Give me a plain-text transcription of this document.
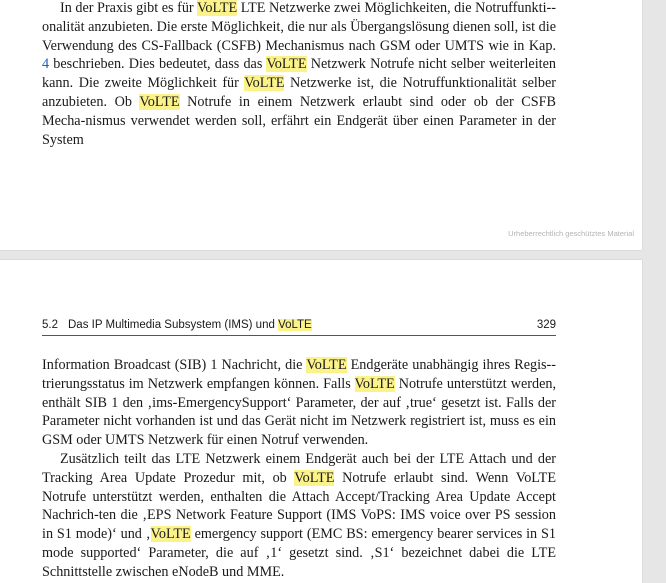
In der Praxis gibt es für VoLTE LTE Netzwerke zwei Möglichkeiten, die Notruffunkti-onalität anzubieten. Die erste Möglichkeit, die nur als Übergangslösung dienen soll, ist die Verwendung des CS-Fallback (CSFB) Mechanismus nach GSM oder UMTS wie in Kap. 4 beschrieben. Dies bedeutet, dass das VoLTE Netzwerk Notrufe nicht selber weiterleiten kann. Die zweite Möglichkeit für VoLTE Netzwerke ist, die Notruffunktionalität selber anzubieten. Ob VoLTE Notrufe in einem Netzwerk erlaubt sind oder ob der CSFB Mecha-nismus verwendet werden soll, erfährt ein Endgerät über einen Parameter in der System

Urheberrechtlich geschütztes Material
5.2 Das IP Multimedia Subsystem (IMS) und VoLTE	329

Information Broadcast (SIB) 1 Nachricht, die VoLTE Endgeräte unabhängig ihres Regis-trierungsstatus im Netzwerk empfangen können. Falls VoLTE Notrufe unterstützt werden, enthält SIB 1 den ‚ims-EmergencySupport‘ Parameter, der auf ‚true‘ gesetzt ist. Falls der Parameter nicht vorhanden ist und das Gerät nicht im Netzwerk registriert ist, muss es ein GSM oder UMTS Netzwerk für einen Notruf verwenden.

Zusätzlich teilt das LTE Netzwerk einem Endgerät auch bei der LTE Attach und der Tracking Area Update Prozedur mit, ob VoLTE Notrufe erlaubt sind. Wenn VoLTE Notrufe unterstützt werden, enthalten die Attach Accept/Tracking Area Update Accept Nachrich-ten die ‚EPS Network Feature Support (IMS VoPS: IMS voice over PS session in S1 mode)‘ und ‚VoLTE emergency support (EMC BS: emergency bearer services in S1 mode supported‘ Parameter, die auf ‚1‘ gesetzt sind. ‚S1‘ bezeichnet dabei die LTE Schnittstelle zwischen eNodeB und MME.
